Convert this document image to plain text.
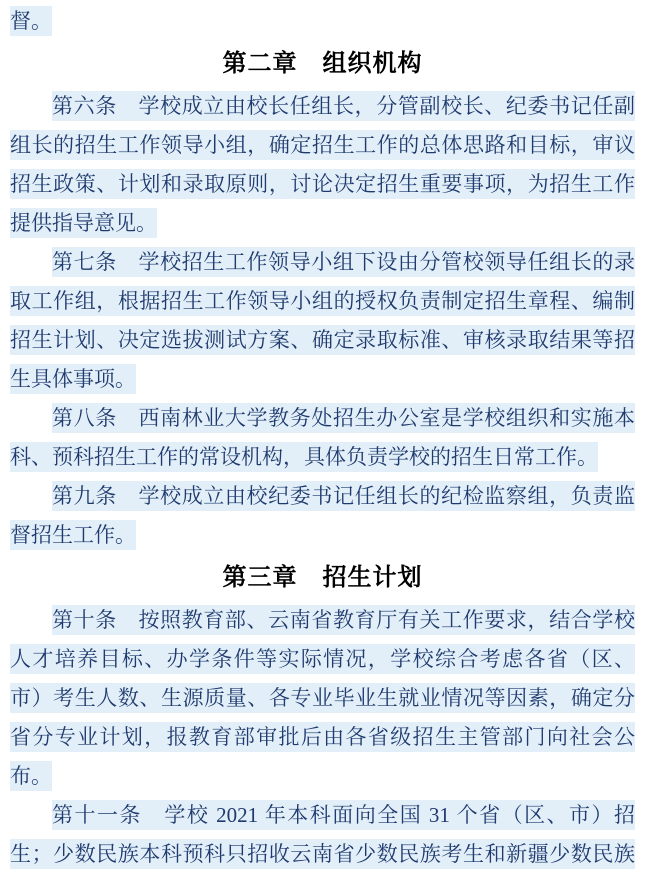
督。
第二章　组织机构
第六条　学校成立由校长任组长，分管副校长、纪委书记任副
组长的招生工作领导小组，确定招生工作的总体思路和目标，审议
招生政策、计划和录取原则，讨论决定招生重要事项，为招生工作
提供指导意见。
第七条　学校招生工作领导小组下设由分管校领导任组长的录
取工作组，根据招生工作领导小组的授权负责制定招生章程、编制
招生计划、决定选拔测试方案、确定录取标准、审核录取结果等招
生具体事项。
第八条　西南林业大学教务处招生办公室是学校组织和实施本
科、预科招生工作的常设机构，具体负责学校的招生日常工作。
第九条　学校成立由校纪委书记任组长的纪检监察组，负责监
督招生工作。
第三章　招生计划
第十条　按照教育部、云南省教育厅有关工作要求，结合学校
人才培养目标、办学条件等实际情况，学校综合考虑各省（区、
市）考生人数、生源质量、各专业毕业生就业情况等因素，确定分
省分专业计划，报教育部审批后由各省级招生主管部门向社会公
布。
第十一条　学校 2021 年本科面向全国 31 个省（区、市）招
生；少数民族本科预科只招收云南省少数民族考生和新疆少数民族
